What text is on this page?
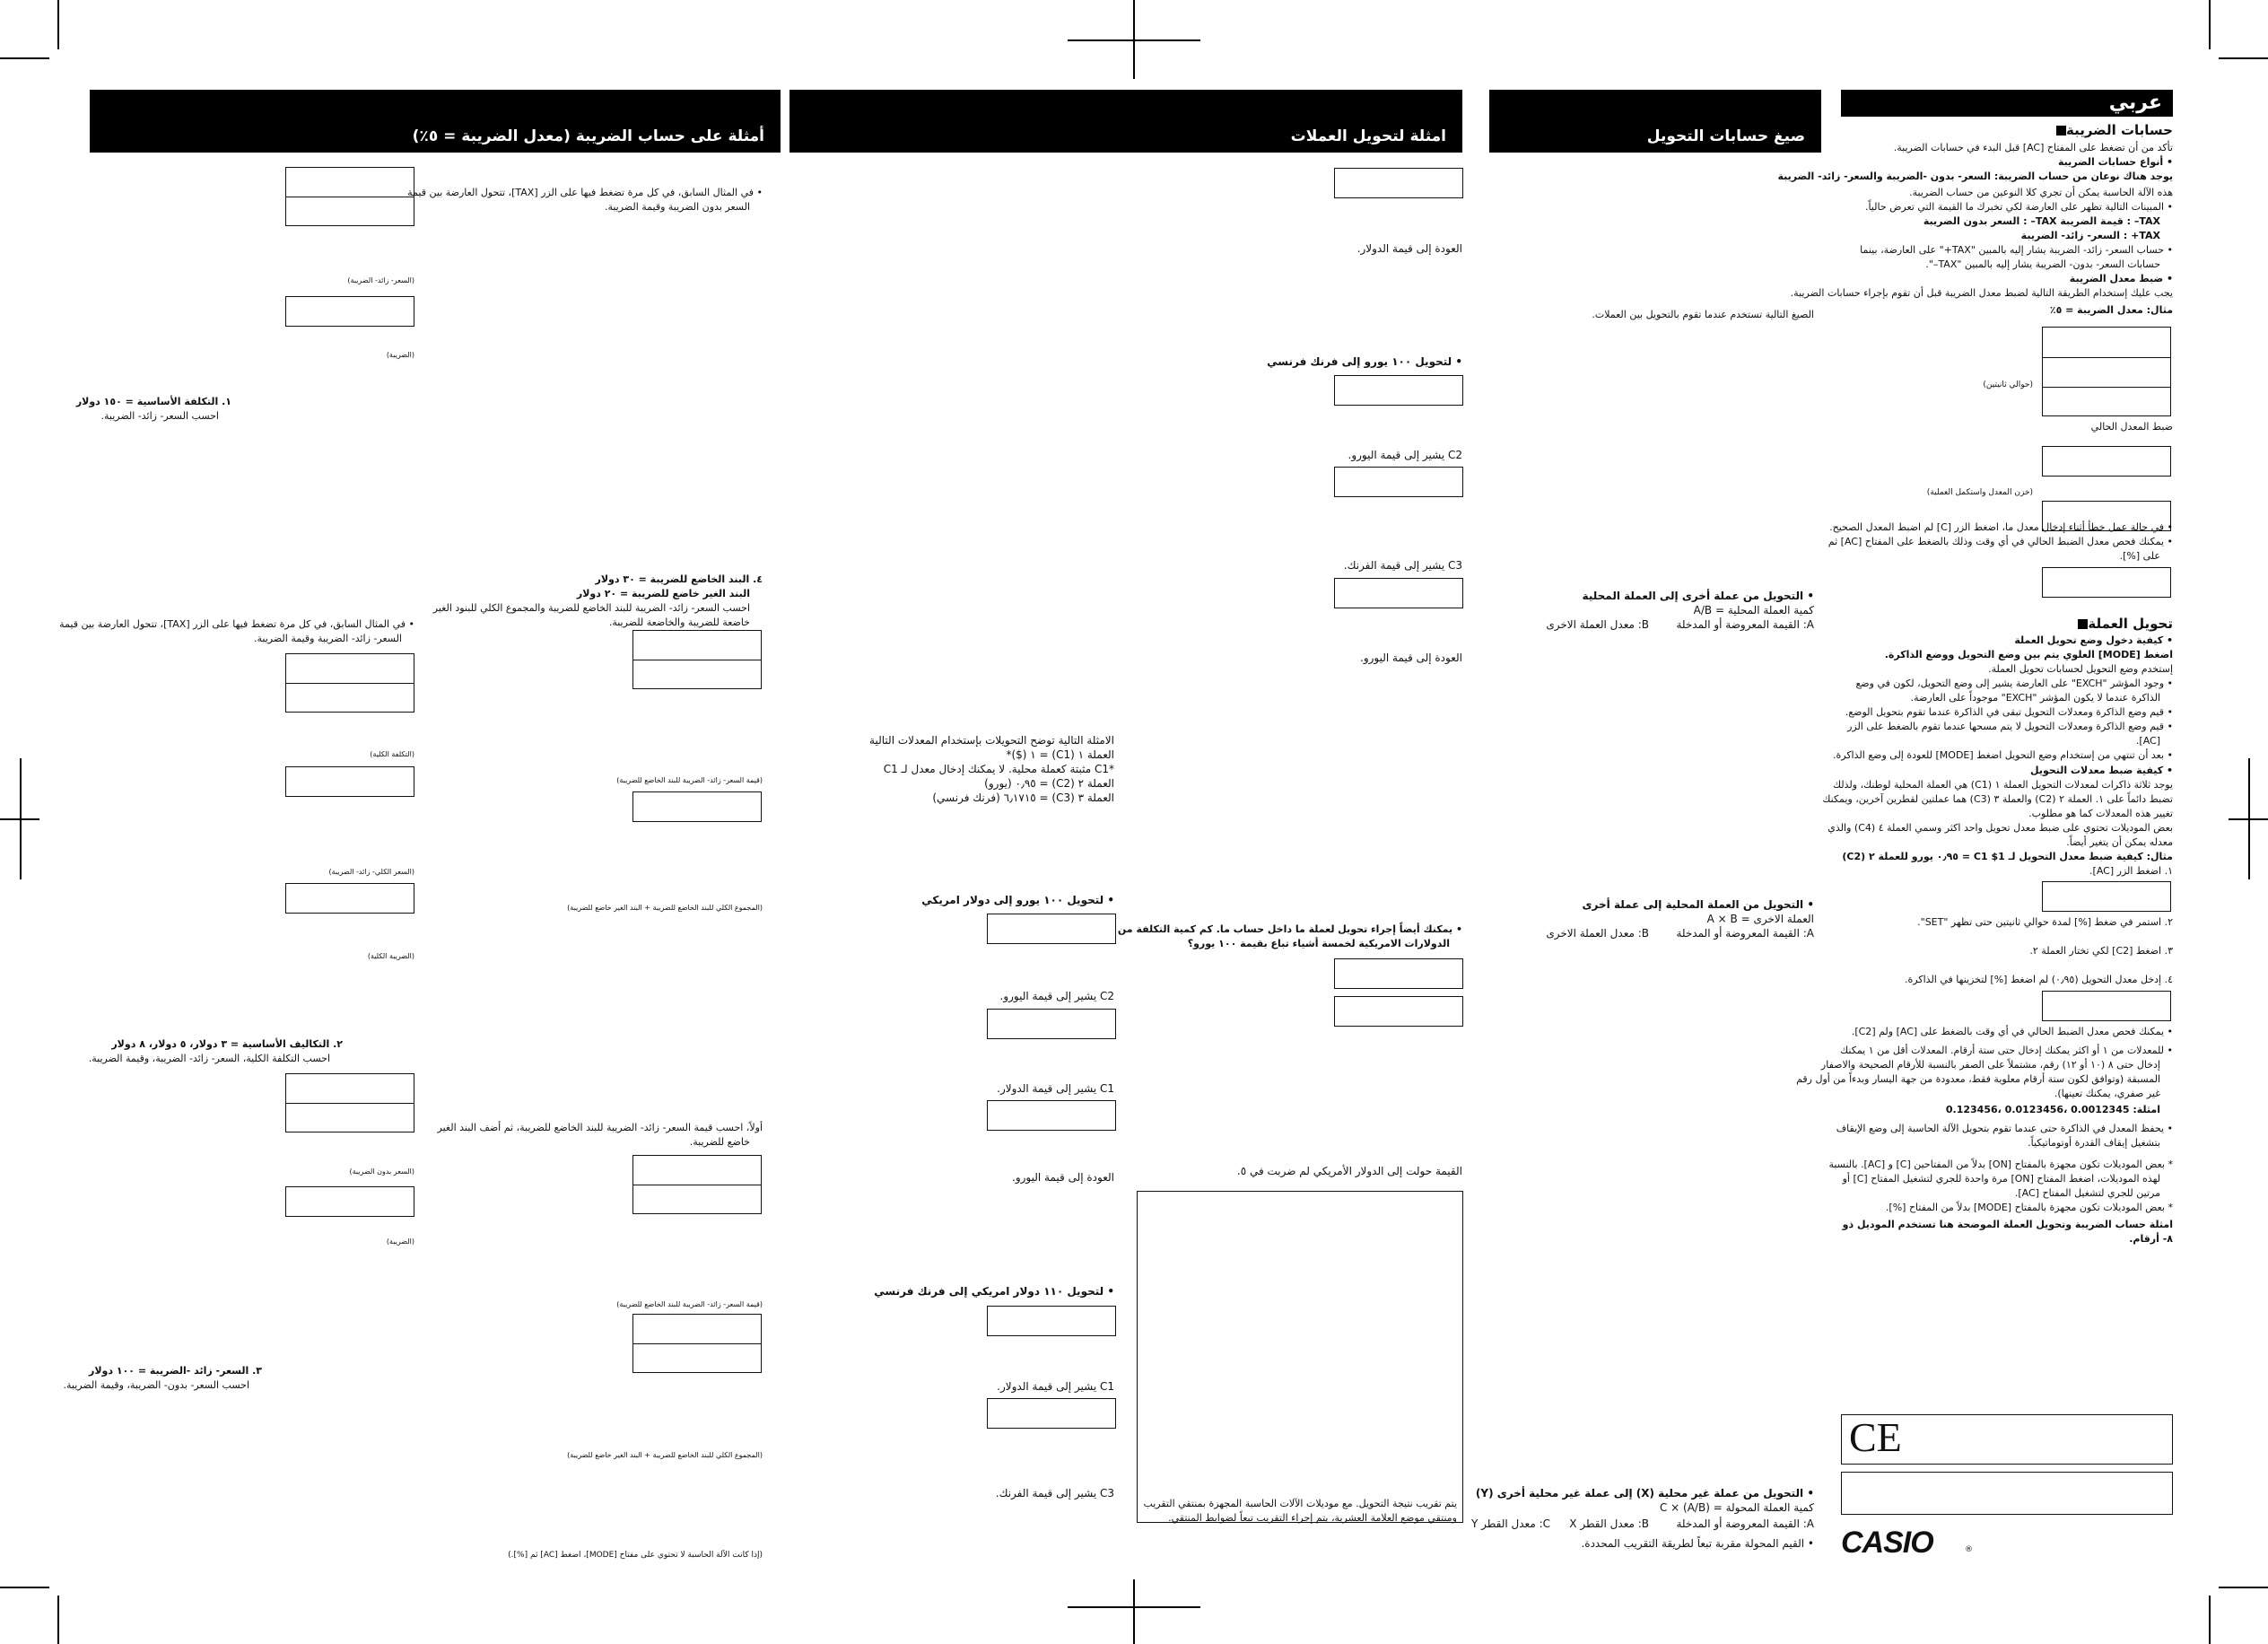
أمثلة على حساب الضريبة (معدل الضريبة = ٥٪)	امثلة لتحويل العملات	صيغ حسابات التحويل
عربي
حسابات الضريبة
تأكد من أن تضغط على المفتاح [AC] قبل البدء في حسابات الضريبة.
• أنواع حسابات الضريبة
يوجد هناك نوعان من حساب الضريبة: السعر- بدون -الضريبة والسعر- زائد- الضريبة
هذه الآلة الحاسبة يمكن أن تجري كلا النوعين من حساب الضريبة.
• المبينات التالية تظهر على العارضة لكي تخبرك ما القيمة التي تعرض حالياً.
TAX– : قيمة الضريبة TAX– : السعر بدون الضريبة
TAX+ : السعر- زائد- الضريبة
• حساب السعر- زائد- الضريبة يشار إليه بالمبين "TAX+" على العارضة، بينما
حسابات السعر- بدون- الضريبة يشار إليه بالمبين "TAX–".
• ضبط معدل الضريبة
يجب عليك إستخدام الطريقة التالية لضبط معدل الضريبة قبل أن تقوم بإجراء حسابات الضريبة.
مثال: معدل الضريبة = ٥٪
(حوالي ثانيتين)
ضبط المعدل الحالي
(خزن المعدل واستكمل العملية)
• في حالة عمل خطأ أثناء إدخال معدل ما، اضغط الزر [C] لم اضبط المعدل الصحيح.
• يمكنك فحص معدل الضبط الحالي في أي وقت وذلك بالضغط على المفتاح [AC] ثم
على [%].
تحويل العملة
• كيفية دخول وضع تحويل العملة
اضغط [MODE] العلوي يتم بين وضع التحويل ووضع الذاكرة.
إستخدم وضع التحويل لحسابات تحويل العملة.
• وجود المؤشر "EXCH" على العارضة يشير إلى وضع التحويل، لكون في وضع
الذاكرة عندما لا يكون المؤشر "EXCH" موجوداً على العارضة.
• قيم وضع الذاكرة ومعدلات التحويل تبقى في الذاكرة عندما تقوم بتحويل الوضع.
• قيم وضع الذاكرة ومعدلات التحويل لا يتم مسحها عندما تقوم بالضغط على الزر
[AC].
• بعد أن تنتهي من إستخدام وضع التحويل اضغط [MODE] للعودة إلى وضع الذاكرة.
• كيفية ضبط معدلات التحويل
يوجد ثلاثة ذاكرات لمعدلات التحويل العملة ١ (C1) هي العملة المحلية لوطنك، ولذلك
تضبط دائماً على ١. العملة ٢ (C2) والعملة ٣ (C3) هما عملتين لقطرين آخرين، ويمكنك
تغيير هذه المعدلات كما هو مطلوب.
بعض الموديلات تحتوي على ضبط معدل تحويل واحد اكثر وسمي العملة ٤ (C4) والذي
معدله يمكن أن يتغير أيضاً.
مثال: كيفية ضبط معدل التحويل لـ C1 $1 = ٠٫٩٥ يورو للعملة ٢ (C2)
١. اضغط الزر [AC].
٢. استمر في ضغط [%] لمدة حوالي ثانيتين حتى تظهر "SET".
٣. اضغط [C2] لكي تختار العملة ٢.
٤. إدخل معدل التحويل (٠٫٩٥) لم اضغط [%] لتخزينها في الذاكرة.
• يمكنك فحص معدل الضبط الحالي في أي وقت بالضغط على [AC] ولم [C2].
• للمعدلات من ١ أو اكثر يمكنك إدخال حتى ستة أرقام. المعدلات أقل من ١ يمكنك
إدخال حتى ٨ (١٠ أو ١٢) رقم، مشتملاً على الصفر بالنسبة للأرقام الصحيحة والاصفار
المسبقة (وتوافق لكون ستة أرقام معلوية فقط، معدودة من جهة اليسار وبدءاً من أول رقم
غير صفري، يمكنك تعينها).
امثلة: 0.0012345 ،0.0123456 ،0.123456
• يحفظ المعدل في الذاكرة حتى عندما تقوم بتحويل الآلة الحاسبة إلى وضع الإيقاف
بتشغيل إيقاف القدرة أوتوماتيكياً.
* بعض الموديلات تكون مجهزة بالمفتاح [ON] بدلاً من المفتاحين [C] و [AC]. بالنسبة
لهذه الموديلات، اضغط المفتاح [ON] مرة واحدة للجري لتشغيل المفتاح [C] أو
مرتين للجري لتشغيل المفتاح [AC].
* بعض الموديلات تكون مجهزة بالمفتاح [MODE] بدلاً من المفتاح [%].
امثلة حساب الضريبة وتحويل العملة الموضحة هنا تستخدم الموديل ذو
٨- أرقام.
CE
CASIO	®
الصيغ التالية تستخدم عندما تقوم بالتحويل بين العملات.
• التحويل من عملة أخرى إلى العملة المحلية
كمية العملة المحلية = A/B
A: القيمة المعروضة أو المدخلة
B: معدل العملة الاخرى
• التحويل من العملة المحلية إلى عملة أخرى
العملة الاخرى = A × B
A: القيمة المعروضة أو المدخلة
B: معدل العملة الاخرى
• التحويل من عملة غير محلية (X) إلى عملة غير محلية أخرى (Y)
كمية العملة المحولة = (A/B) × C
A: القيمة المعروضة أو المدخلة
B: معدل القطر X
C: معدل القطر Y
• القيم المحولة مقربة تبعاً لطريقة التقريب المحددة.
العودة إلى قيمة الدولار.
• لتحويل ١٠٠ يورو إلى فرنك فرنسي
C2 يشير إلى قيمة اليورو.
C3 يشير إلى قيمة الفرنك.
العودة إلى قيمة اليورو.
• يمكنك أيضاً إجراء تحويل لعملة ما داخل حساب ما. كم كمية التكلفة من
الدولارات الامريكية لخمسة أشياء تباع بقيمة ١٠٠ يورو؟
القيمة حولت إلى الدولار الأمريكي لم ضربت في ٥.
يتم تقريب نتيجة التحويل. مع موديلات الآلات الحاسبة المجهزة بمنتقي التقريب
ومنتقي موضع العلامة العشرية، يتم إجراء التقريب تبعاً لضوابط المنتقي.
الامثلة التالية توضح التحويلات بإستخدام المعدلات التالية
العملة ١ (C1) = ١ ($)*
*C1 مثبتة كعملة محلية. لا يمكنك إدخال معدل لـ C1
العملة ٢ (C2) = ٠٫٩٥ (يورو)
العملة ٣ (C3) = ٦٫١٧١٥ (فرنك فرنسي)
• لتحويل ١٠٠ يورو إلى دولار امريكي
C2 يشير إلى قيمة اليورو.
C1 يشير إلى قيمة الدولار.
العودة إلى قيمة اليورو.
• لتحويل ١١٠ دولار امريكي إلى فرنك فرنسي
C1 يشير إلى قيمة الدولار.
C3 يشير إلى قيمة الفرنك.
• في المثال السابق، في كل مرة تضغط فيها على الزر [TAX]، تتحول العارضة بين قيمة
السعر بدون الضريبة وقيمة الضريبة.
٤. البند الخاضع للضريبة = ٣٠ دولار
البند الغير خاضع للضريبة = ٢٠ دولار
احسب السعر- زائد- الضريبة للبند الخاضع للضريبة والمجموع الكلي للبنود الغير
خاضعة للضريبة والخاضعة للضريبة.
(قيمة السعر- زائد- الضريبة للبند الخاضع للضريبة)
(المجموع الكلي للبند الخاضع للضريبة + البند الغير خاضع للضريبة)
أولاً، احسب قيمة السعر- زائد- الضريبة للبند الخاضع للضريبة، ثم أضف البند الغير
خاضع للضريبة.
(قيمة السعر- زائد- الضريبة للبند الخاضع للضريبة)
(المجموع الكلي للبند الخاضع للضريبة + البند الغير خاضع للضريبة)
(إذا كانت الآلة الحاسبة لا تحتوي على مفتاح [MODE]، اضغط [AC] ثم [%].)
(السعر- زائد- الضريبة)
(الضريبة)
١. التكلفة الأساسية = ١٥٠ دولار
احسب السعر- زائد- الضريبة.
• في المثال السابق، في كل مرة تضغط فيها على الزر [TAX]، تتحول العارضة بين قيمة
السعر- زائد- الضريبة وقيمة الضريبة.
(التكلفة الكلية)
(السعر الكلي- زائد- الضريبة)
(الضريبة الكلية)
٢. التكاليف الأساسية = ٣ دولار، ٥ دولار، ٨ دولار
احسب التكلفة الكلية، السعر- زائد- الضريبة، وقيمة الضريبة.
(السعر بدون الضريبة)
(الضريبة)
٣. السعر- زائد -الضريبة = ١٠٠ دولار
احسب السعر- بدون- الضريبة، وقيمة الضريبة.
